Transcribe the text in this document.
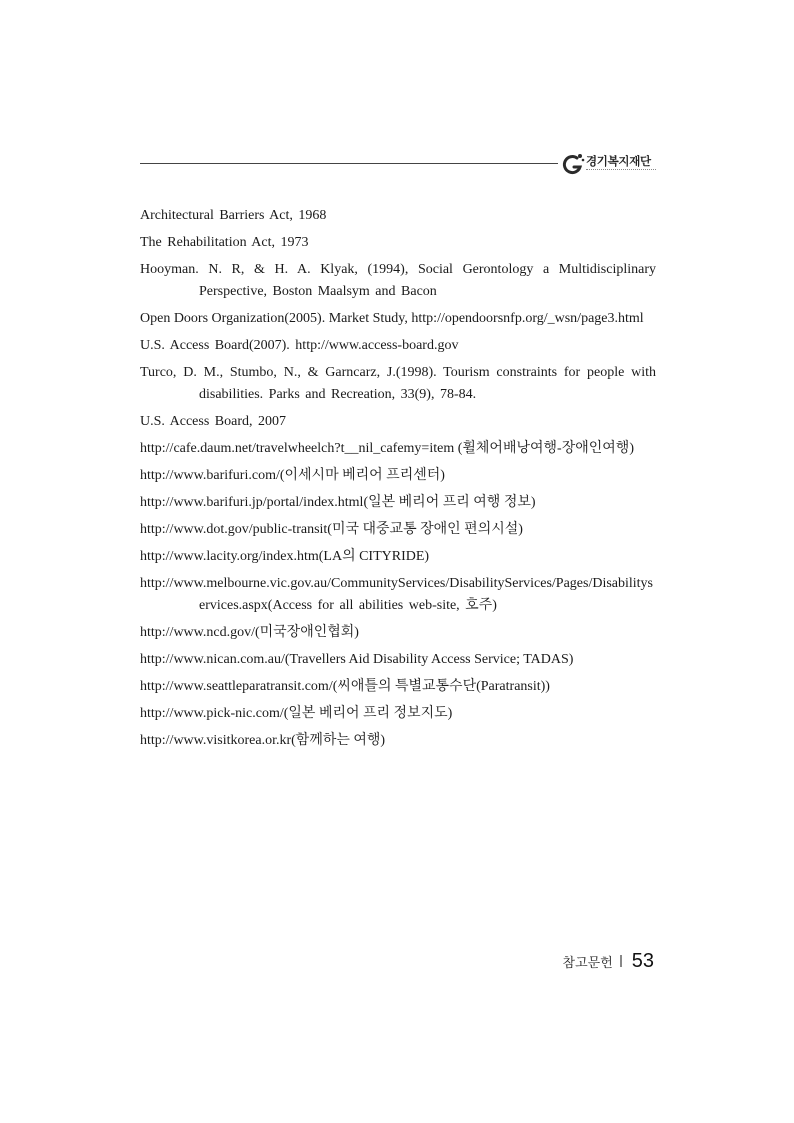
경기복지재단
Architectural Barriers Act, 1968
The Rehabilitation Act, 1973
Hooyman. N. R, & H. A. Klyak, (1994), Social Gerontology a Multidisciplinary Perspective, Boston Maalsym and Bacon
Open Doors Organization(2005). Market Study, http://opendoorsnfp.org/_wsn/page3.html
U.S. Access Board(2007). http://www.access-board.gov
Turco, D. M., Stumbo, N., & Garncarz, J.(1998). Tourism constraints for people with disabilities. Parks and Recreation, 33(9), 78-84.
U.S. Access Board, 2007
http://cafe.daum.net/travelwheelch?t__nil_cafemy=item (휠체어배낭여행-장애인여행)
http://www.barifuri.com/(이세시마 베리어 프리센터)
http://www.barifuri.jp/portal/index.html(일본 베리어 프리 여행 정보)
http://www.dot.gov/public-transit(미국 대중교통 장애인 편의시설)
http://www.lacity.org/index.htm(LA의 CITYRIDE)
http://www.melbourne.vic.gov.au/CommunityServices/DisabilityServices/Pages/Disabilityservices.aspx(Access for all abilities web-site, 호주)
http://www.ncd.gov/(미국장애인협회)
http://www.nican.com.au/(Travellers Aid Disability Access Service; TADAS)
http://www.seattleparatransit.com/(씨애틀의 특별교통수단(Paratransit))
http://www.pick-nic.com/(일본 베리어 프리 정보지도)
http://www.visitkorea.or.kr(함께하는 여행)
참고문헌 53
